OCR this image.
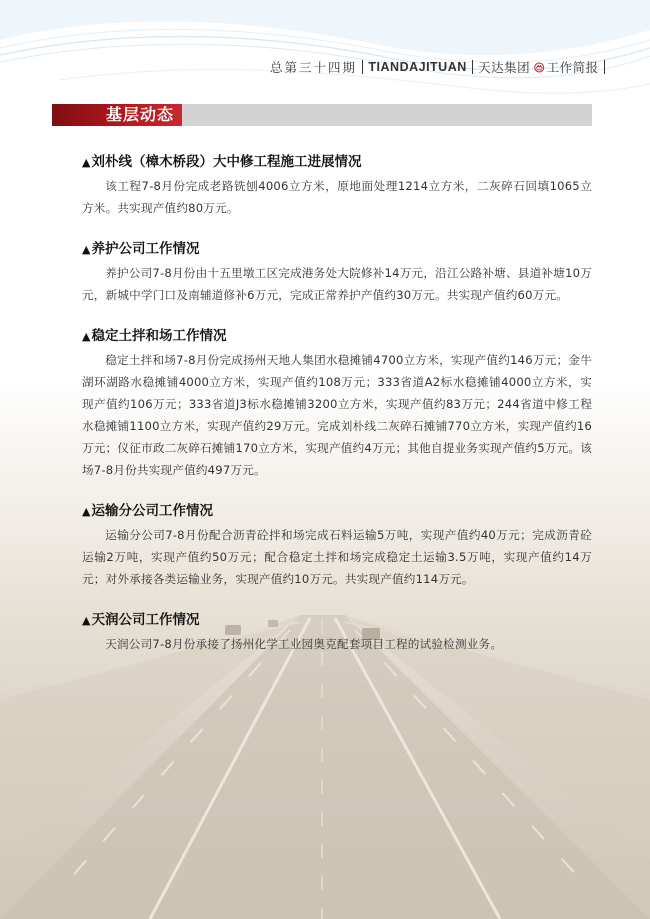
总第三十四期 TIANDAJITUAN 天达集团 工作简报
基层动态

▲刘朴线（樟木桥段）大中修工程施工进展情况

该工程7-8月份完成老路铣刨4006立方米，原地面处理1214立方米，二灰碎石回填1065立方米。共实现产值约80万元。

▲养护公司工作情况

养护公司7-8月份由十五里墩工区完成港务处大院修补14万元，沿江公路补塘、县道补塘10万元，新城中学门口及南辅道修补6万元，完成正常养护产值约30万元。共实现产值约60万元。

▲稳定土拌和场工作情况

稳定土拌和场7-8月份完成扬州天地人集团水稳摊铺4700立方米，实现产值约146万元；金牛湖环湖路水稳摊铺4000立方米，实现产值约108万元；333省道A2标水稳摊铺4000立方米，实现产值约106万元；333省道J3标水稳摊铺3200立方米，实现产值约83万元；244省道中修工程水稳摊铺1100立方米，实现产值约29万元。完成刘朴线二灰碎石摊铺770立方米，实现产值约16万元；仪征市政二灰碎石摊铺170立方米，实现产值约4万元；其他自提业务实现产值约5万元。该场7-8月份共实现产值约497万元。

▲运输分公司工作情况

运输分公司7-8月份配合沥青砼拌和场完成石料运输5万吨，实现产值约40万元；完成沥青砼运输2万吨，实现产值约50万元；配合稳定土拌和场完成稳定土运输3.5万吨，实现产值约14万元；对外承接各类运输业务，实现产值约10万元。共实现产值约114万元。

▲天润公司工作情况

天润公司7-8月份承接了扬州化学工业园奥克配套项目工程的试验检测业务。
